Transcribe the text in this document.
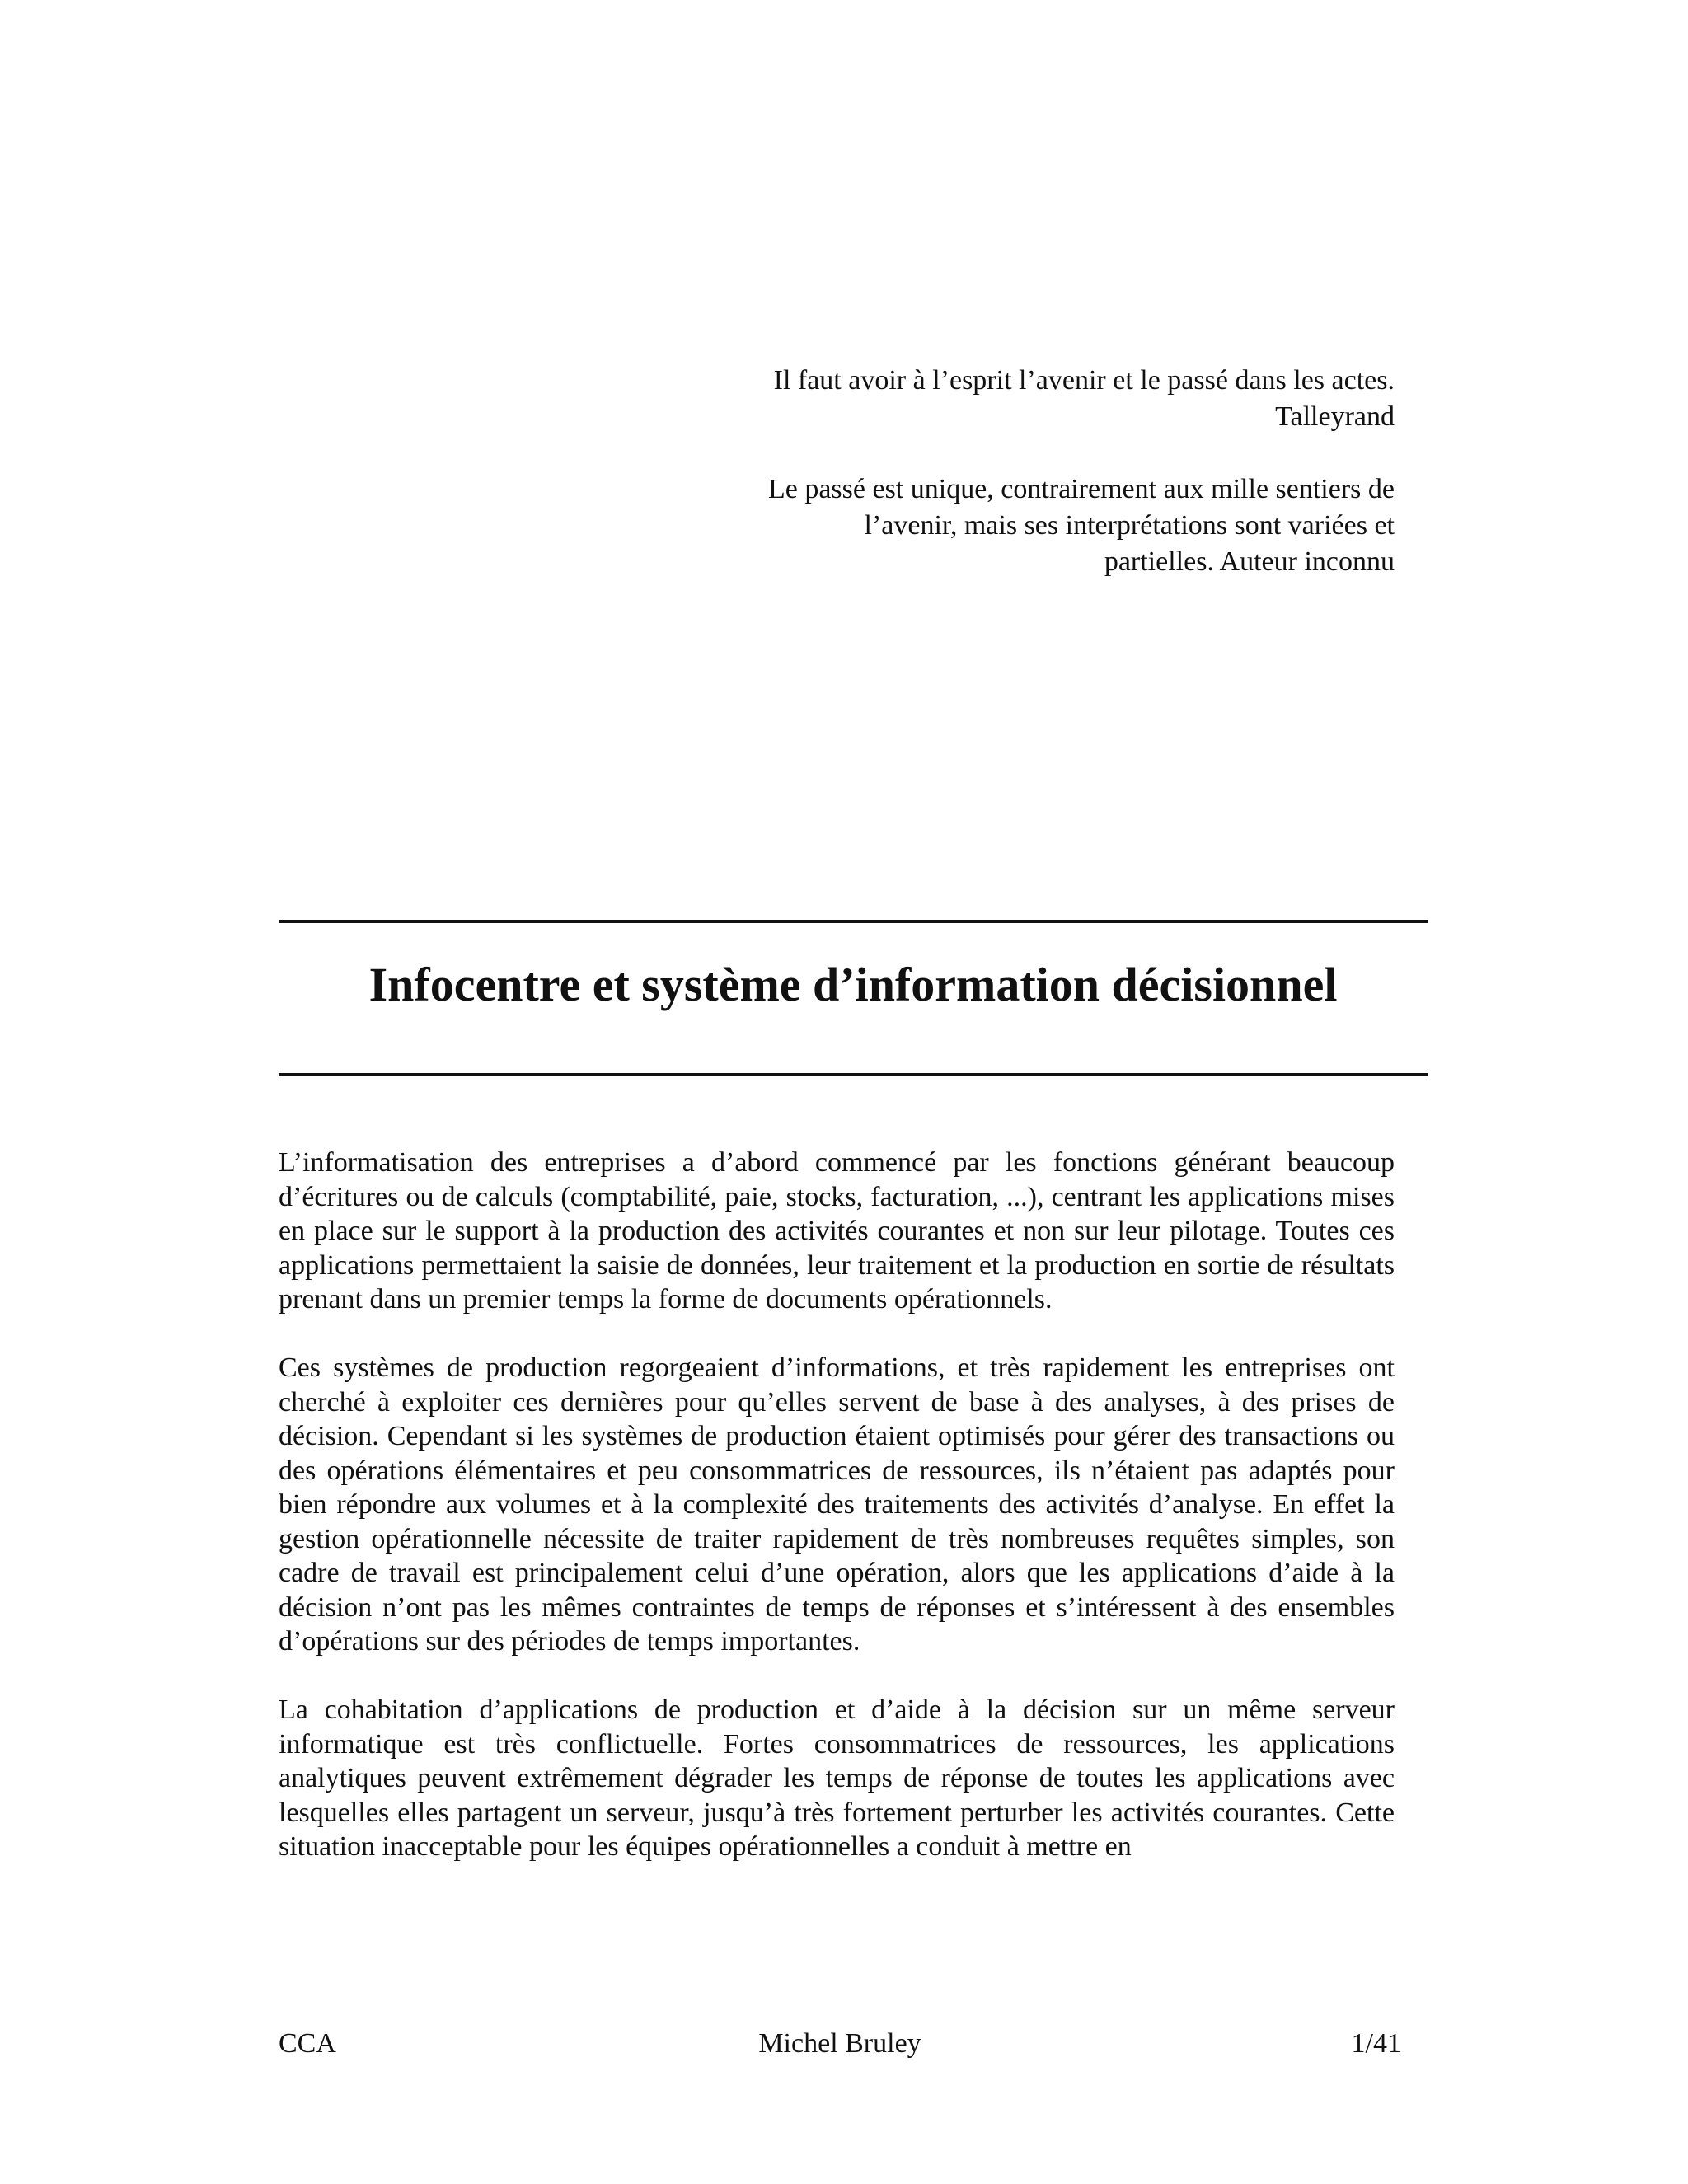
Il faut avoir à l’esprit l’avenir et le passé dans les actes.
Talleyrand
Le passé est unique, contrairement aux mille sentiers de
l’avenir, mais ses interprétations sont variées et
partielles. Auteur inconnu
Infocentre et système d’information décisionnel

L’informatisation des entreprises a d’abord commencé par les fonctions générant beaucoup d’écritures ou de calculs (comptabilité, paie, stocks, facturation, ...), centrant les applications mises en place sur le support à la production des activités courantes et non sur leur pilotage. Toutes ces applications permettaient la saisie de données, leur traitement et la production en sortie de résultats prenant dans un premier temps la forme de documents opérationnels.

Ces systèmes de production regorgeaient d’informations, et très rapidement les entreprises ont cherché à exploiter ces dernières pour qu’elles servent de base à des analyses, à des prises de décision. Cependant si les systèmes de production étaient optimisés pour gérer des transactions ou des opérations élémentaires et peu consommatrices de ressources, ils n’étaient pas adaptés pour bien répondre aux volumes et à la complexité des traitements des activités d’analyse. En effet la gestion opérationnelle nécessite de traiter rapidement de très nombreuses requêtes simples, son cadre de travail est principalement celui d’une opération, alors que les applications d’aide à la décision n’ont pas les mêmes contraintes de temps de réponses et s’intéressent à des ensembles d’opérations sur des périodes de temps importantes.

La cohabitation d’applications de production et d’aide à la décision sur un même serveur informatique est très conflictuelle. Fortes consommatrices de ressources, les applications analytiques peuvent extrêmement dégrader les temps de réponse de toutes les applications avec lesquelles elles partagent un serveur, jusqu’à très fortement perturber les activités courantes. Cette situation inacceptable pour les équipes opérationnelles a conduit à mettre en

Michel Bruley
CCA	1/41
